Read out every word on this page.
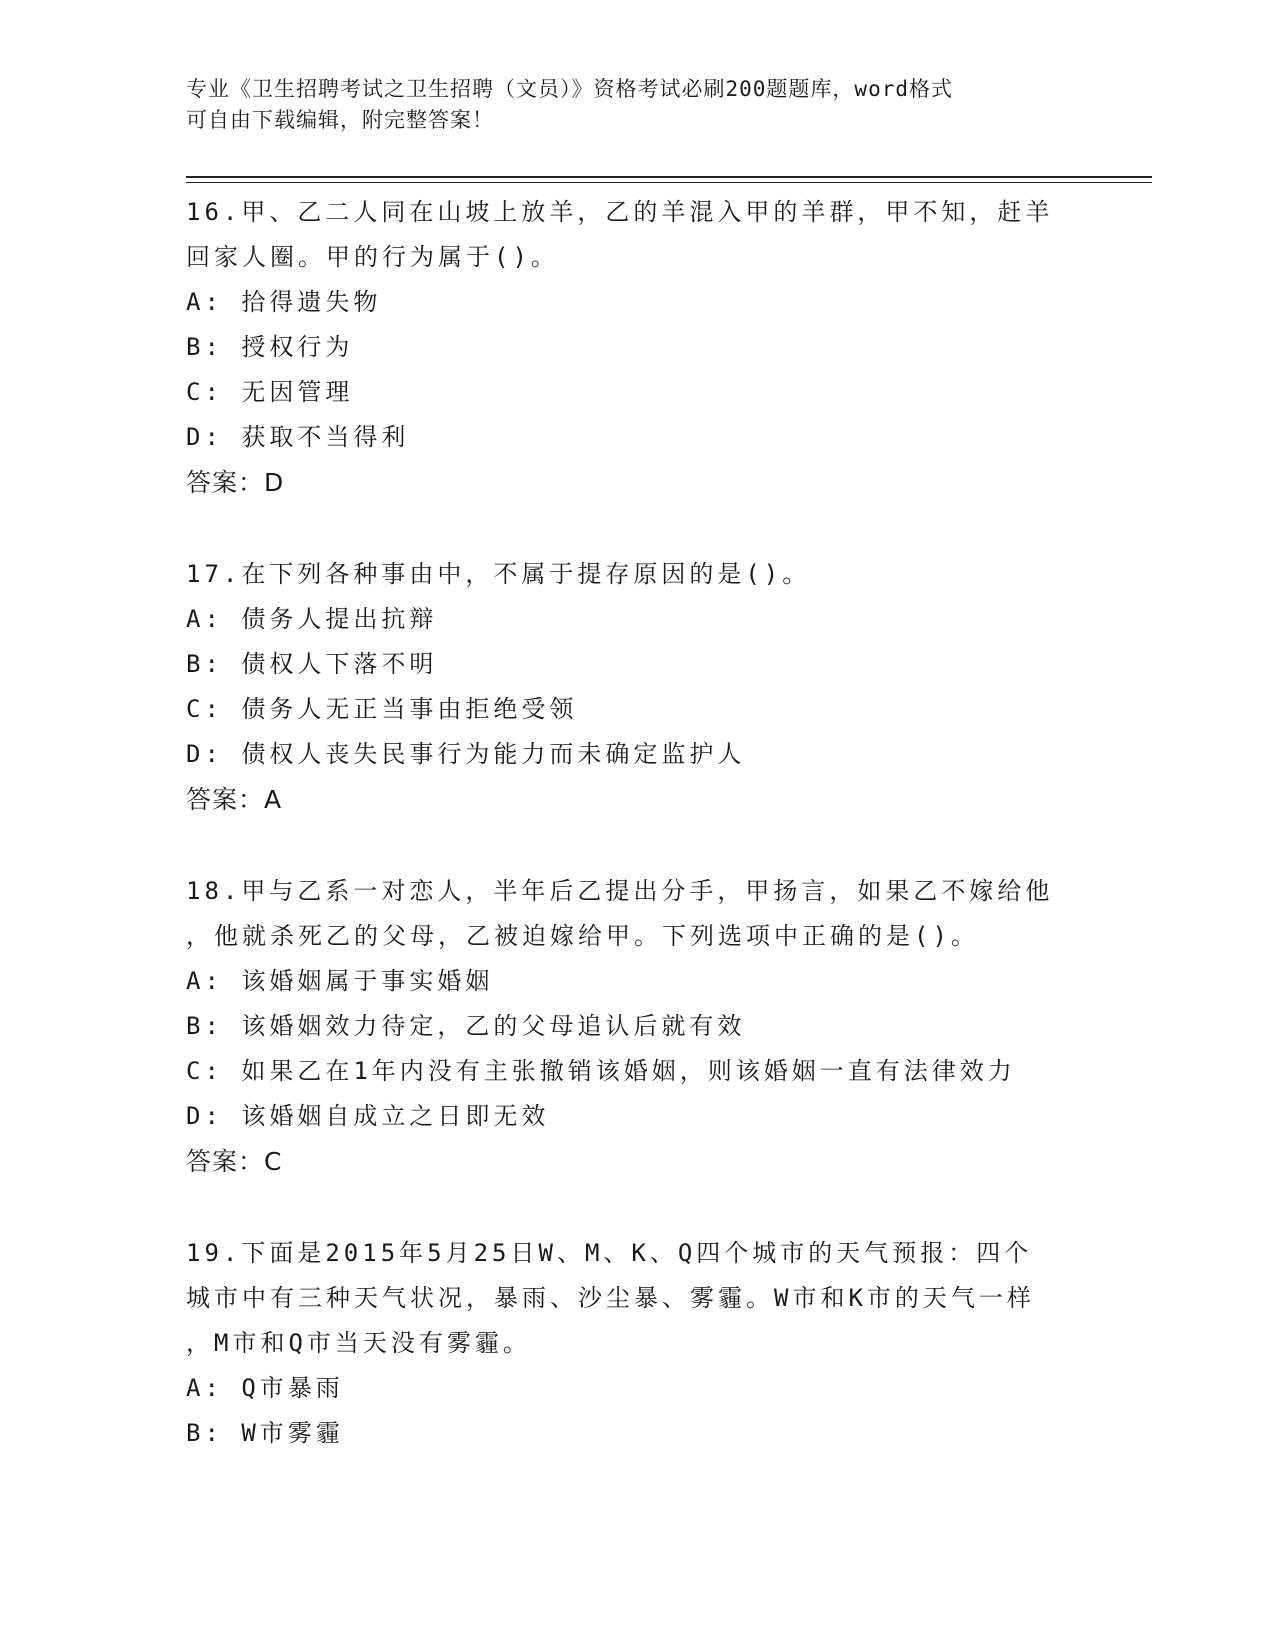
专业《卫生招聘考试之卫生招聘（文员）》资格考试必刷200题题库，word格式
可自由下载编辑，附完整答案！
16.甲、乙二人同在山坡上放羊，乙的羊混入甲的羊群，甲不知，赶羊
回家人圈。甲的行为属于()。
A: 拾得遗失物
B: 授权行为
C: 无因管理
D: 获取不当得利
答案：D
17.在下列各种事由中，不属于提存原因的是()。
A: 债务人提出抗辩
B: 债权人下落不明
C: 债务人无正当事由拒绝受领
D: 债权人丧失民事行为能力而未确定监护人
答案：A
18.甲与乙系一对恋人，半年后乙提出分手，甲扬言，如果乙不嫁给他
，他就杀死乙的父母，乙被迫嫁给甲。下列选项中正确的是()。
A: 该婚姻属于事实婚姻
B: 该婚姻效力待定，乙的父母追认后就有效
C: 如果乙在1年内没有主张撤销该婚姻，则该婚姻一直有法律效力
D: 该婚姻自成立之日即无效
答案：C
19.下面是2015年5月25日W、M、K、Q四个城市的天气预报：四个
城市中有三种天气状况，暴雨、沙尘暴、雾霾。W市和K市的天气一样
，M市和Q市当天没有雾霾。
A: Q市暴雨
B: W市雾霾
